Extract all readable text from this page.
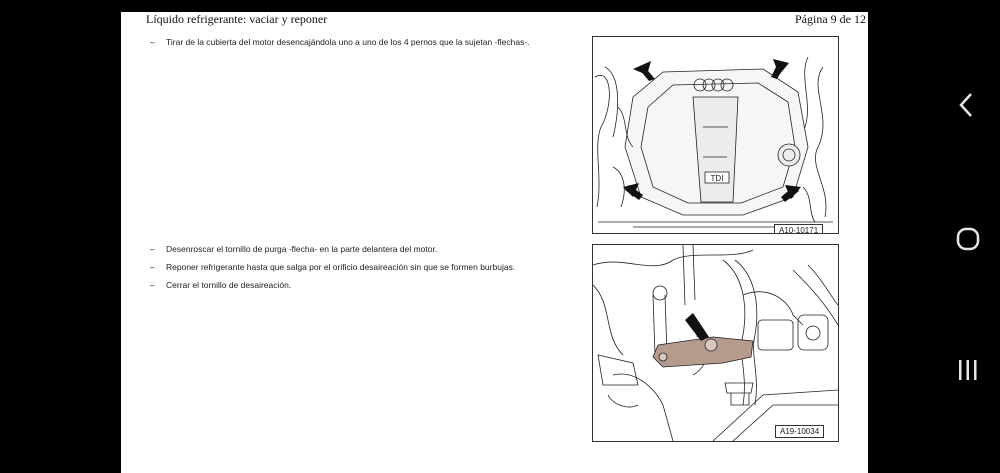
Líquido refrigerante: vaciar y reponer	Página 9 de 12
– Tirar de la cubierta del motor desencajándola uno a uno de los 4 pernos que la sujetan -flechas-.
TDI
A10-10171
– Desenroscar el tornillo de purga -flecha- en la parte delantera del motor.
– Reponer refrigerante hasta que salga por el orificio desaireación sin que se formen burbujas.
– Cerrar el tornillo de desaireación.
A19-10034
